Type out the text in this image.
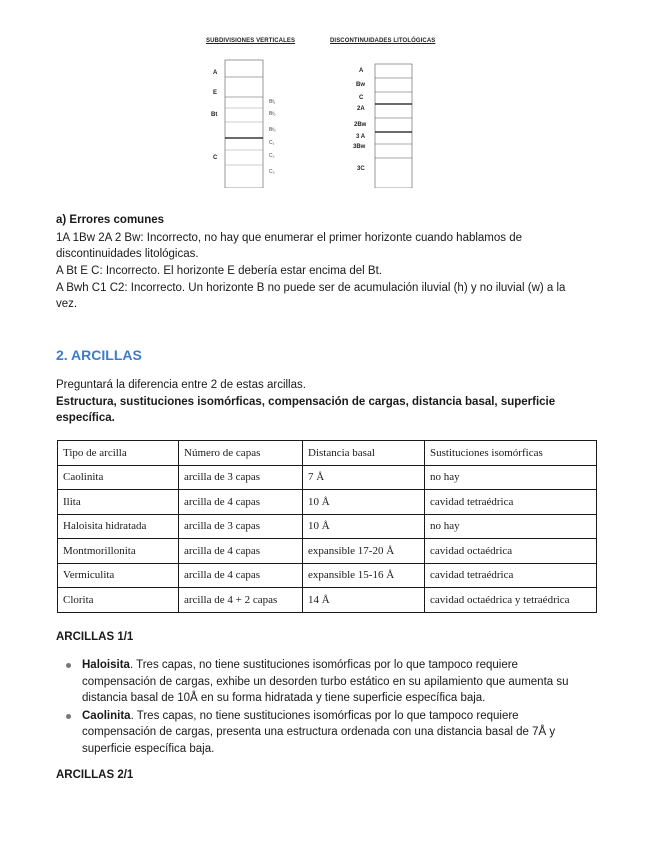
SUBDIVISIONES VERTICALES	DISCONTINUIDADES LITOLÓGICAS
A
E
Bt
C
Bt₁
Bt₂
Bt₃
C₁
C₂
C₃
A
Bw
C
2A
2Bw
3 A
3Bw
3C
a) Errores comunes
1A 1Bw 2A 2 Bw: Incorrecto, no hay que enumerar el primer horizonte cuando hablamos de
discontinuidades litológicas.
A Bt E C: Incorrecto. El horizonte E debería estar encima del Bt.
A Bwh C1 C2: Incorrecto. Un horizonte B no puede ser de acumulación iluvial (h) y no iluvial (w) a la
vez.
2. ARCILLAS
Preguntará la diferencia entre 2 de estas arcillas.
Estructura, sustituciones isomórficas, compensación de cargas, distancia basal, superficie
específica.
Tipo de arcilla	Número de capas	Distancia basal	Sustituciones isomórficas
Caolinita	arcilla de 3 capas	7 Å	no hay
Ilita	arcilla de 4 capas	10 Å	cavidad tetraédrica
Haloisita hidratada	arcilla de 3 capas	10 Å	no hay
Montmorillonita	arcilla de 4 capas	expansible 17-20 Å	cavidad octaédrica
Vermiculita	arcilla de 4 capas	expansible 15-16 Å	cavidad tetraédrica
Clorita	arcilla de 4 + 2 capas	14 Å	cavidad octaédrica y tetraédrica
ARCILLAS 1/1
Haloisita. Tres capas, no tiene sustituciones isomórficas por lo que tampoco requiere
compensación de cargas, exhibe un desorden turbo estático en su apilamiento que aumenta su
distancia basal de 10Å en su forma hidratada y tiene superficie específica baja.
Caolinita. Tres capas, no tiene sustituciones isomórficas por lo que tampoco requiere
compensación de cargas, presenta una estructura ordenada con una distancia basal de 7Å y
superficie específica baja.
ARCILLAS 2/1
